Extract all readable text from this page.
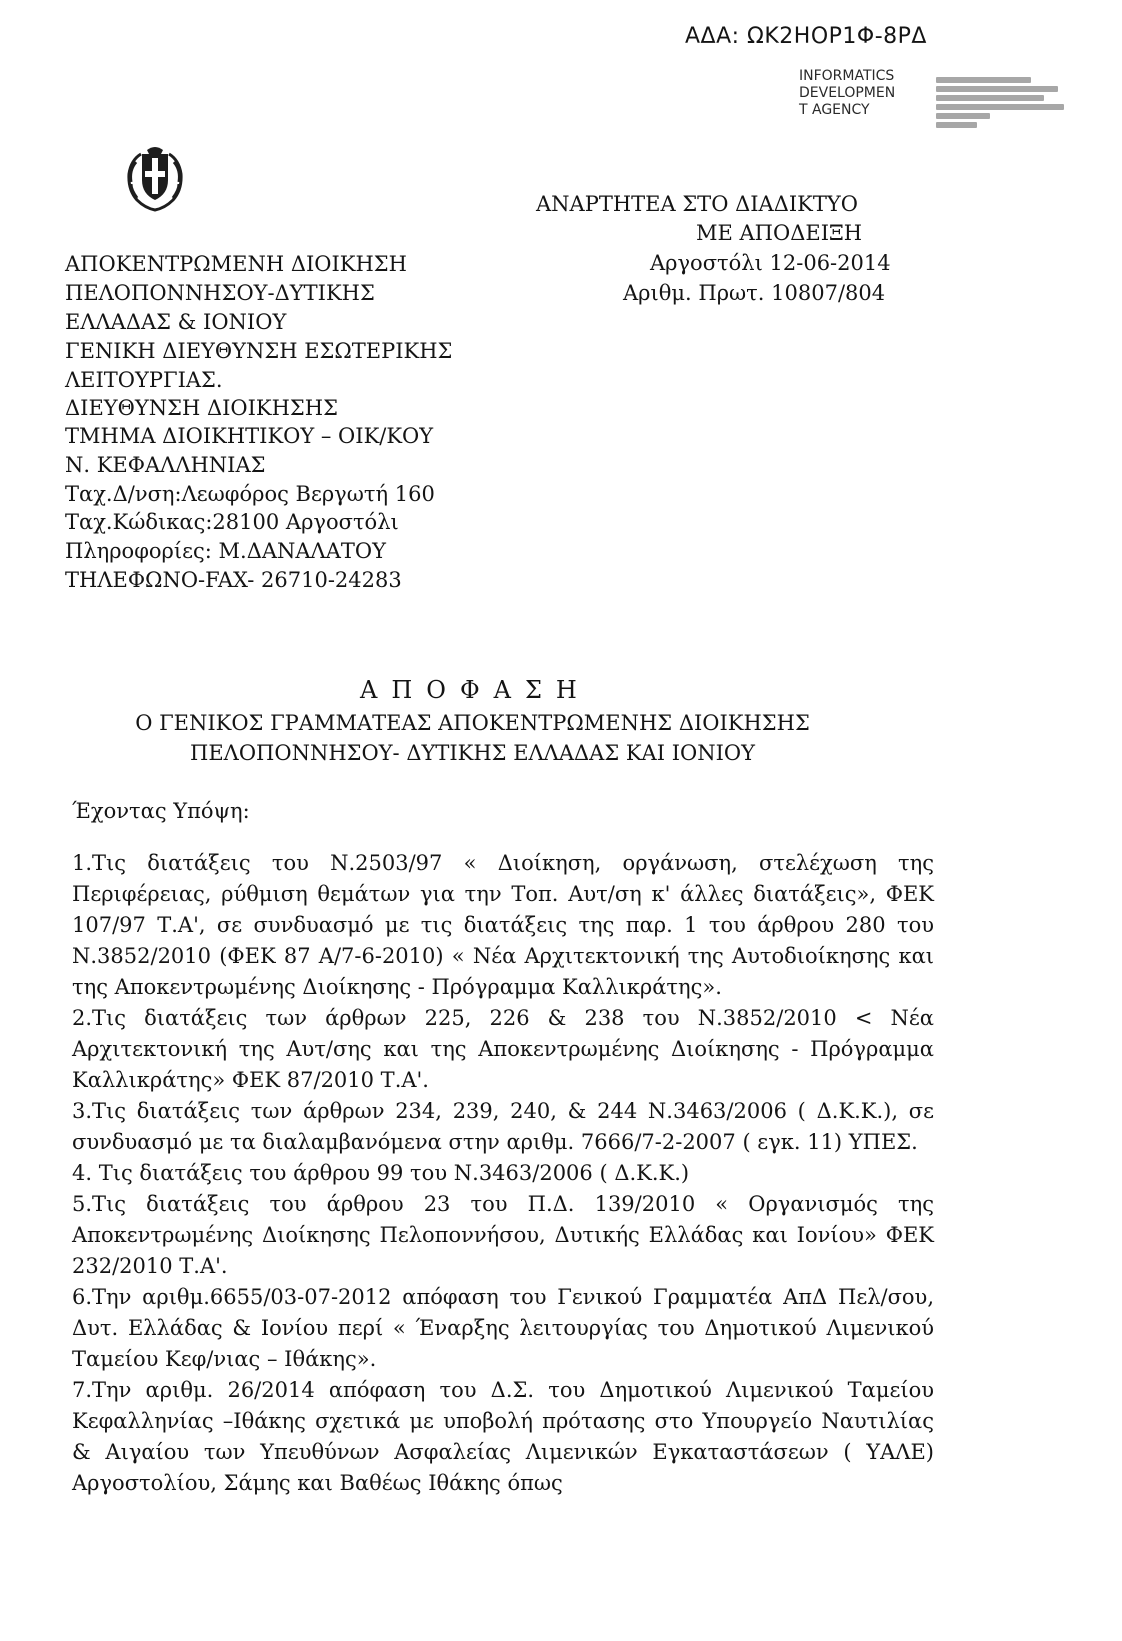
ΑΔΑ: ΩΚ2ΗΟΡ1Φ-8ΡΔ
INFORMATICS
DEVELOPMEN
T AGENCY
ΑΝΑΡΤΗΤΕΑ ΣΤΟ ΔΙΑΔΙΚΤΥΟ
ΜΕ ΑΠΟΔΕΙΞΗ
Αργοστόλι 12-06-2014
Αριθμ. Πρωτ. 10807/804
ΑΠΟΚΕΝΤΡΩΜΕΝΗ ΔΙΟΙΚΗΣΗ
ΠΕΛΟΠΟΝΝΗΣΟΥ-ΔΥΤΙΚΗΣ
ΕΛΛΑΔΑΣ & ΙΟΝΙΟΥ
ΓΕΝΙΚΗ ΔΙΕΥΘΥΝΣΗ ΕΣΩΤΕΡΙΚΗΣ
ΛΕΙΤΟΥΡΓΙΑΣ.
ΔΙΕΥΘΥΝΣΗ ΔΙΟΙΚΗΣΗΣ
ΤΜΗΜΑ ΔΙΟΙΚΗΤΙΚΟΥ – ΟΙΚ/ΚΟΥ
Ν. ΚΕΦΑΛΛΗΝΙΑΣ
Ταχ.Δ/νση:Λεωφόρος Βεργωτή 160
Ταχ.Κώδικας:28100 Αργοστόλι
Πληροφορίες: Μ.ΔΑΝΑΛΑΤΟΥ
ΤΗΛΕΦΩΝΟ-FAX- 26710-24283
ΑΠΟΦΑΣΗ
Ο ΓΕΝΙΚΟΣ ΓΡΑΜΜΑΤΕΑΣ ΑΠΟΚΕΝΤΡΩΜΕΝΗΣ ΔΙΟΙΚΗΣΗΣ
ΠΕΛΟΠΟΝΝΗΣΟΥ- ΔΥΤΙΚΗΣ ΕΛΛΑΔΑΣ ΚΑΙ ΙΟΝΙΟΥ
Έχοντας Υπόψη:

1.Τις διατάξεις του Ν.2503/97 « Διοίκηση, οργάνωση, στελέχωση της Περιφέρειας, ρύθμιση θεμάτων για την Τοπ. Αυτ/ση κ' άλλες διατάξεις», ΦΕΚ 107/97 Τ.Α', σε συνδυασμό με τις διατάξεις της παρ. 1 του άρθρου 280 του Ν.3852/2010 (ΦΕΚ 87 Α/7-6-2010) « Νέα Αρχιτεκτονική της Αυτοδιοίκησης και της Αποκεντρωμένης Διοίκησης - Πρόγραμμα Καλλικράτης».

2.Τις διατάξεις των άρθρων 225, 226 & 238 του Ν.3852/2010 < Νέα Αρχιτεκτονική της Αυτ/σης και της Αποκεντρωμένης Διοίκησης - Πρόγραμμα Καλλικράτης» ΦΕΚ 87/2010 Τ.Α'.

3.Τις διατάξεις των άρθρων 234, 239, 240, & 244 Ν.3463/2006 ( Δ.Κ.Κ.), σε συνδυασμό με τα διαλαμβανόμενα στην αριθμ. 7666/7-2-2007 ( εγκ. 11) ΥΠΕΣ.

4. Τις διατάξεις του άρθρου 99 του Ν.3463/2006 ( Δ.Κ.Κ.)

5.Τις διατάξεις του άρθρου 23 του Π.Δ. 139/2010 « Οργανισμός της Αποκεντρωμένης Διοίκησης Πελοποννήσου, Δυτικής Ελλάδας και Ιονίου» ΦΕΚ 232/2010 Τ.Α'.

6.Την αριθμ.6655/03-07-2012 απόφαση του Γενικού Γραμματέα ΑπΔ Πελ/σου, Δυτ. Ελλάδας & Ιονίου περί « Έναρξης λειτουργίας του Δημοτικού Λιμενικού Ταμείου Κεφ/νιας – Ιθάκης».

7.Την αριθμ. 26/2014 απόφαση του Δ.Σ. του Δημοτικού Λιμενικού Ταμείου Κεφαλληνίας –Ιθάκης σχετικά με υποβολή πρότασης στο Υπουργείο Ναυτιλίας & Αιγαίου των Υπευθύνων Ασφαλείας Λιμενικών Εγκαταστάσεων ( ΥΑΛΕ) Αργοστολίου, Σάμης και Βαθέως Ιθάκης όπως
